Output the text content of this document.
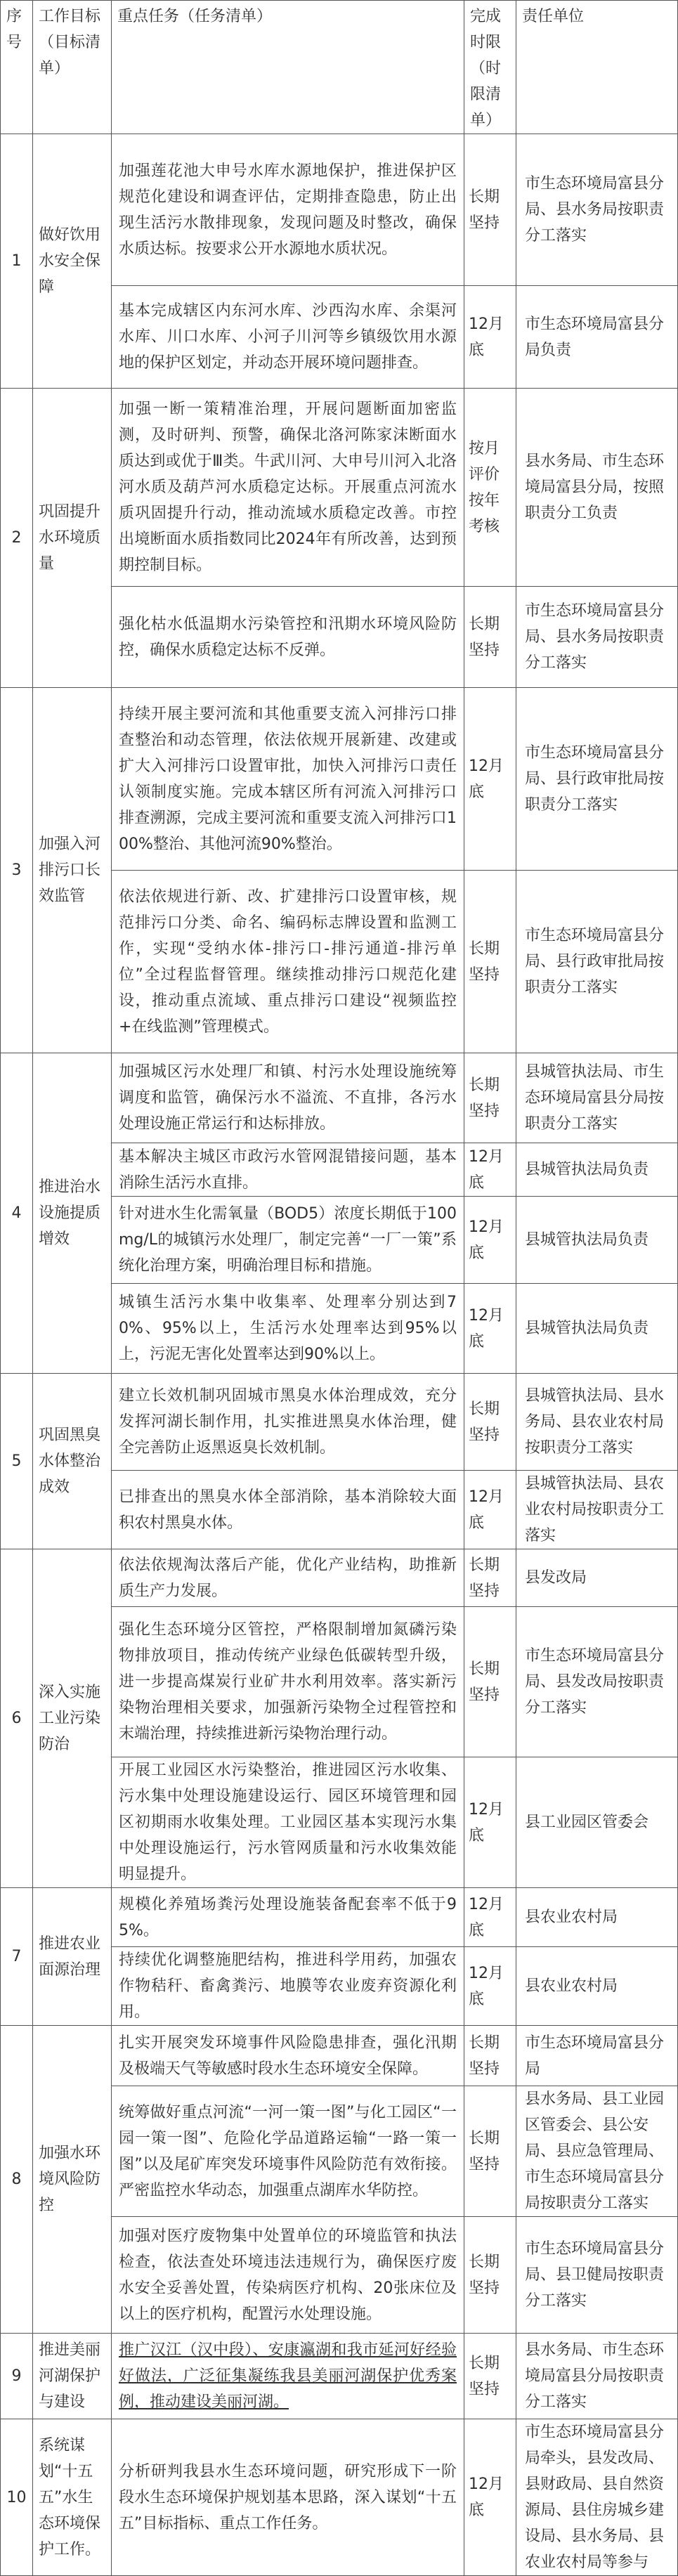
序号	工作目标（目标清单）	重点任务（任务清单）	完成时限（时限清单）	责任单位
1	做好饮用水安全保障	加强莲花池大申号水库水源地保护，推进保护区规范化建设和调查评估，定期排查隐患，防止出现生活污水散排现象，发现问题及时整改，确保水质达标。按要求公开水源地水质状况。	长期坚持	市生态环境局富县分局、县水务局按职责分工落实
		基本完成辖区内东河水库、沙西沟水库、余渠河水库、川口水库、小河子川河等乡镇级饮用水源地的保护区划定，并动态开展环境问题排查。	12月底	市生态环境局富县分局负责
2	巩固提升水环境质量	加强一断一策精准治理，开展问题断面加密监测，及时研判、预警，确保北洛河陈家沫断面水质达到或优于Ⅲ类。牛武川河、大申号川河入北洛河水质及葫芦河水质稳定达标。开展重点河流水质巩固提升行动，推动流域水质稳定改善。市控出境断面水质指数同比2024年有所改善，达到预期控制目标。	按月评价按年考核	县水务局、市生态环境局富县分局，按照职责分工负责
		强化枯水低温期水污染管控和汛期水环境风险防控，确保水质稳定达标不反弹。	长期坚持	市生态环境局富县分局、县水务局按职责分工落实
3	加强入河排污口长效监管	持续开展主要河流和其他重要支流入河排污口排查整治和动态管理，依法依规开展新建、改建或扩大入河排污口设置审批，加快入河排污口责任认领制度实施。完成本辖区所有河流入河排污口排查溯源，完成主要河流和重要支流入河排污口100%整治、其他河流90%整治。	12月底	市生态环境局富县分局、县行政审批局按职责分工落实
		依法依规进行新、改、扩建排污口设置审核，规范排污口分类、命名、编码标志牌设置和监测工作，实现“受纳水体-排污口-排污通道-排污单位”全过程监督管理。继续推动排污口规范化建设，推动重点流域、重点排污口建设“视频监控+在线监测”管理模式。	长期坚持	市生态环境局富县分局、县行政审批局按职责分工落实
4	推进治水设施提质增效	加强城区污水处理厂和镇、村污水处理设施统筹调度和监管，确保污水不溢流、不直排，各污水处理设施正常运行和达标排放。	长期坚持	县城管执法局、市生态环境局富县分局按职责分工落实
		基本解决主城区市政污水管网混错接问题，基本消除生活污水直排。	12月底	县城管执法局负责
		针对进水生化需氧量（BOD5）浓度长期低于100mg/L的城镇污水处理厂，制定完善“一厂一策”系统化治理方案，明确治理目标和措施。	12月底	县城管执法局负责
		城镇生活污水集中收集率、处理率分别达到70%、95%以上，生活污水处理率达到95%以上，污泥无害化处置率达到90%以上。	12月底	县城管执法局负责
5	巩固黑臭水体整治成效	建立长效机制巩固城市黑臭水体治理成效，充分发挥河湖长制作用，扎实推进黑臭水体治理，健全完善防止返黑返臭长效机制。	长期坚持	县城管执法局、县水务局、县农业农村局按职责分工落实
		已排查出的黑臭水体全部消除，基本消除较大面积农村黑臭水体。	12月底	县城管执法局、县农业农村局按职责分工落实
6	深入实施工业污染防治	依法依规淘汰落后产能，优化产业结构，助推新质生产力发展。	长期坚持	县发改局
		强化生态环境分区管控，严格限制增加氮磷污染物排放项目，推动传统产业绿色低碳转型升级，进一步提高煤炭行业矿井水利用效率。落实新污染物治理相关要求，加强新污染物全过程管控和末端治理，持续推进新污染物治理行动。	长期坚持	市生态环境局富县分局、县发改局按职责分工落实
		开展工业园区水污染整治，推进园区污水收集、污水集中处理设施建设运行、园区环境管理和园区初期雨水收集处理。工业园区基本实现污水集中处理设施运行，污水管网质量和污水收集效能明显提升。	12月底	县工业园区管委会
7	推进农业面源治理	规模化养殖场粪污处理设施装备配套率不低于95%。	12月底	县农业农村局
		持续优化调整施肥结构，推进科学用药，加强农作物秸秆、畜禽粪污、地膜等农业废弃资源化利用。	12月底	县农业农村局
8	加强水环境风险防控	扎实开展突发环境事件风险隐患排查，强化汛期及极端天气等敏感时段水生态环境安全保障。	长期坚持	市生态环境局富县分局
		统筹做好重点河流“一河一策一图”与化工园区“一园一策一图”、危险化学品道路运输“一路一策一图”以及尾矿库突发环境事件风险防范有效衔接。严密监控水华动态，加强重点湖库水华防控。	长期坚持	县水务局、县工业园区管委会、县公安局、县应急管理局、市生态环境局富县分局按职责分工落实
		加强对医疗废物集中处置单位的环境监管和执法检查，依法查处环境违法违规行为，确保医疗废水安全妥善处置，传染病医疗机构、20张床位及以上的医疗机构，配置污水处理设施。	长期坚持	市生态环境局富县分局、县卫健局按职责分工落实
9	推进美丽河湖保护与建设	推广汉江（汉中段）、安康瀛湖和我市延河好经验好做法，广泛征集凝练我县美丽河湖保护优秀案例，推动建设美丽河湖。	长期坚持	县水务局、市生态环境局富县分局按职责分工落实
10	系统谋划“十五五”水生态环境保护工作。	分析研判我县水生态环境问题，研究形成下一阶段水生态环境保护规划基本思路，深入谋划“十五五”目标指标、重点工作任务。	12月底	市生态环境局富县分局牵头，县发改局、县财政局、县自然资源局、县住房城乡建设局、县水务局、县农业农村局等参与
